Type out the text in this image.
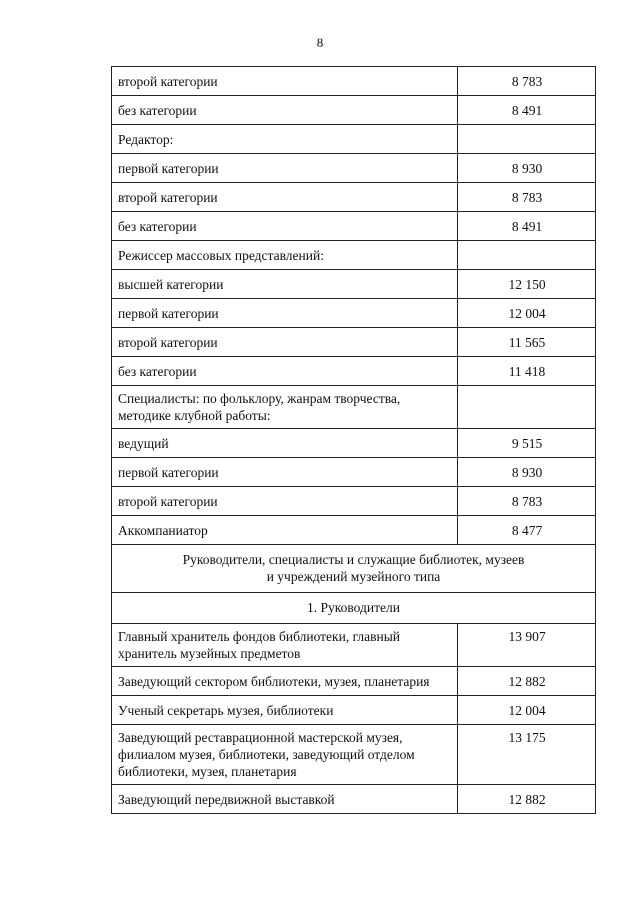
8
второй категории	8 783
без категории	8 491
Редактор:	
первой категории	8 930
второй категории	8 783
без категории	8 491
Режиссер массовых представлений:	
высшей категории	12 150
первой категории	12 004
второй категории	11 565
без категории	11 418

Специалисты: по фольклору, жанрам творчества,
методике клубной работы:	

ведущий	9 515
первой категории	8 930
второй категории	8 783
Аккомпаниатор	8 477

Руководители, специалисты и служащие библиотек, музеев
и учреждений музейного типа	

1. Руководители	

Главный хранитель фондов библиотеки, главный
хранитель музейных предметов	13 907
Заведующий сектором библиотеки, музея, планетария	12 882
Ученый секретарь музея, библиотеки	12 004

Заведующий реставрационной мастерской музея,
филиалом музея, библиотеки, заведующий отделом
библиотеки, музея, планетария	13 175
Заведующий передвижной выставкой	12 882
